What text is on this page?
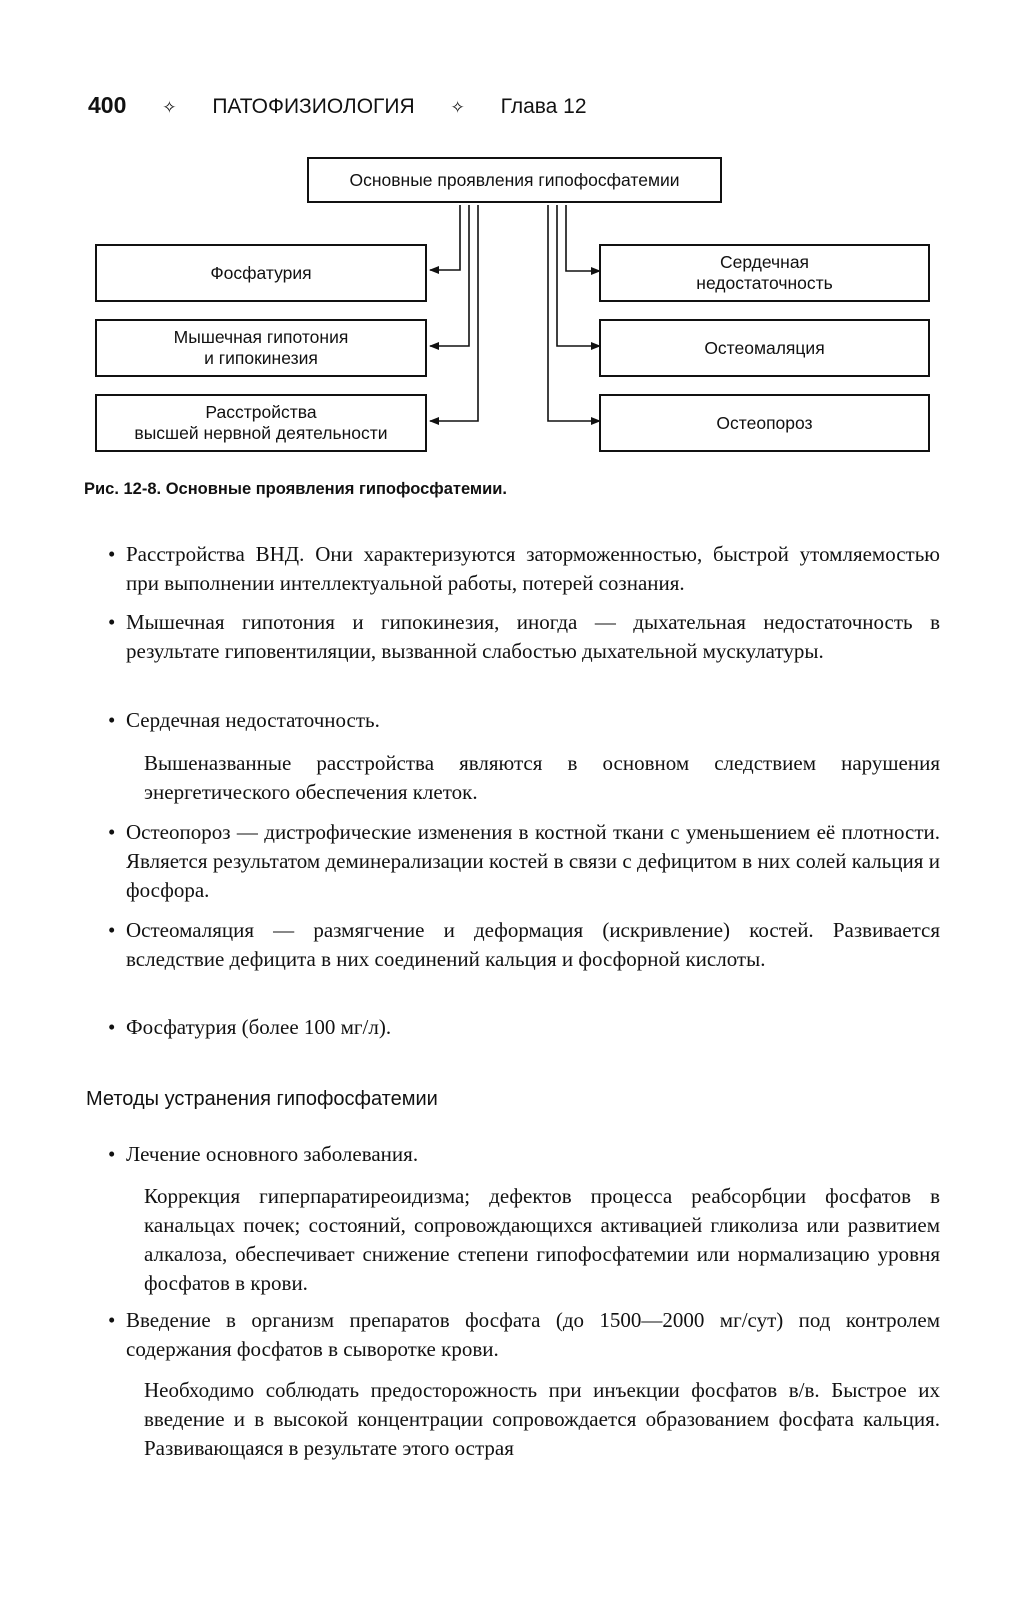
400 ✧ ПАТОФИЗИОЛОГИЯ ✧ Глава 12
Основные проявления гипофосфатемии
Фосфатурия
Мышечная гипотония
и гипокинезия
Расстройства
высшей нервной деятельности
Сердечная
недостаточность
Остеомаляция
Остеопороз
Рис. 12-8. Основные проявления гипофосфатемии.
• Расстройства ВНД. Они характеризуются заторможенностью, быстрой утомляемостью при выполнении интеллектуальной работы, потерей сознания.
• Мышечная гипотония и гипокинезия, иногда — дыхательная недостаточность в результате гиповентиляции, вызванной слабостью дыхательной мускулатуры.
• Сердечная недостаточность.
Вышеназванные расстройства являются в основном следствием нарушения энергетического обеспечения клеток.
• Остеопороз — дистрофические изменения в костной ткани с уменьшением её плотности. Является результатом деминерализации костей в связи с дефицитом в них солей кальция и фосфора.
• Остеомаляция — размягчение и деформация (искривление) костей. Развивается вследствие дефицита в них соединений кальция и фосфорной кислоты.
• Фосфатурия (более 100 мг/л).
Методы устранения гипофосфатемии
• Лечение основного заболевания.
Коррекция гиперпаратиреоидизма; дефектов процесса реабсорбции фосфатов в канальцах почек; состояний, сопровождающихся активацией гликолиза или развитием алкалоза, обеспечивает снижение степени гипофосфатемии или нормализацию уровня фосфатов в крови.
• Введение в организм препаратов фосфата (до 1500—2000 мг/сут) под контролем содержания фосфатов в сыворотке крови.
Необходимо соблюдать предосторожность при инъекции фосфатов в/в. Быстрое их введение и в высокой концентрации сопровождается образованием фосфата кальция. Развивающаяся в результате этого острая
